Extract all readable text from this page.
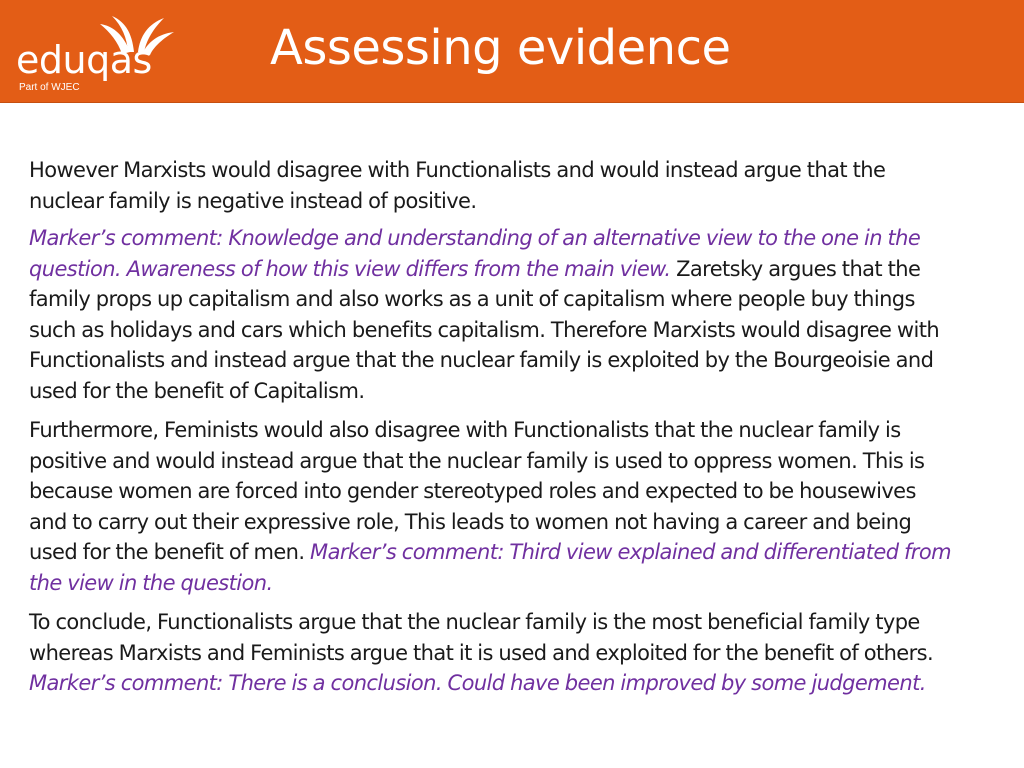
eduqas
Part of WJEC
Assessing evidence

However Marxists would disagree with Functionalists and would instead argue that the nuclear family is negative instead of positive.

Marker’s comment: Knowledge and understanding of an alternative view to the one in the question. Awareness of how this view differs from the main view. Zaretsky argues that the family props up capitalism and also works as a unit of capitalism where people buy things such as holidays and cars which benefits capitalism. Therefore Marxists would disagree with Functionalists and instead argue that the nuclear family is exploited by the Bourgeoisie and used for the benefit of Capitalism.

Furthermore, Feminists would also disagree with Functionalists that the nuclear family is positive and would instead argue that the nuclear family is used to oppress women. This is because women are forced into gender stereotyped roles and expected to be housewives and to carry out their expressive role, This leads to women not having a career and being used for the benefit of men. Marker’s comment: Third view explained and differentiated from the view in the question.

To conclude, Functionalists argue that the nuclear family is the most beneficial family type whereas Marxists and Feminists argue that it is used and exploited for the benefit of others. Marker’s comment: There is a conclusion. Could have been improved by some judgement.
